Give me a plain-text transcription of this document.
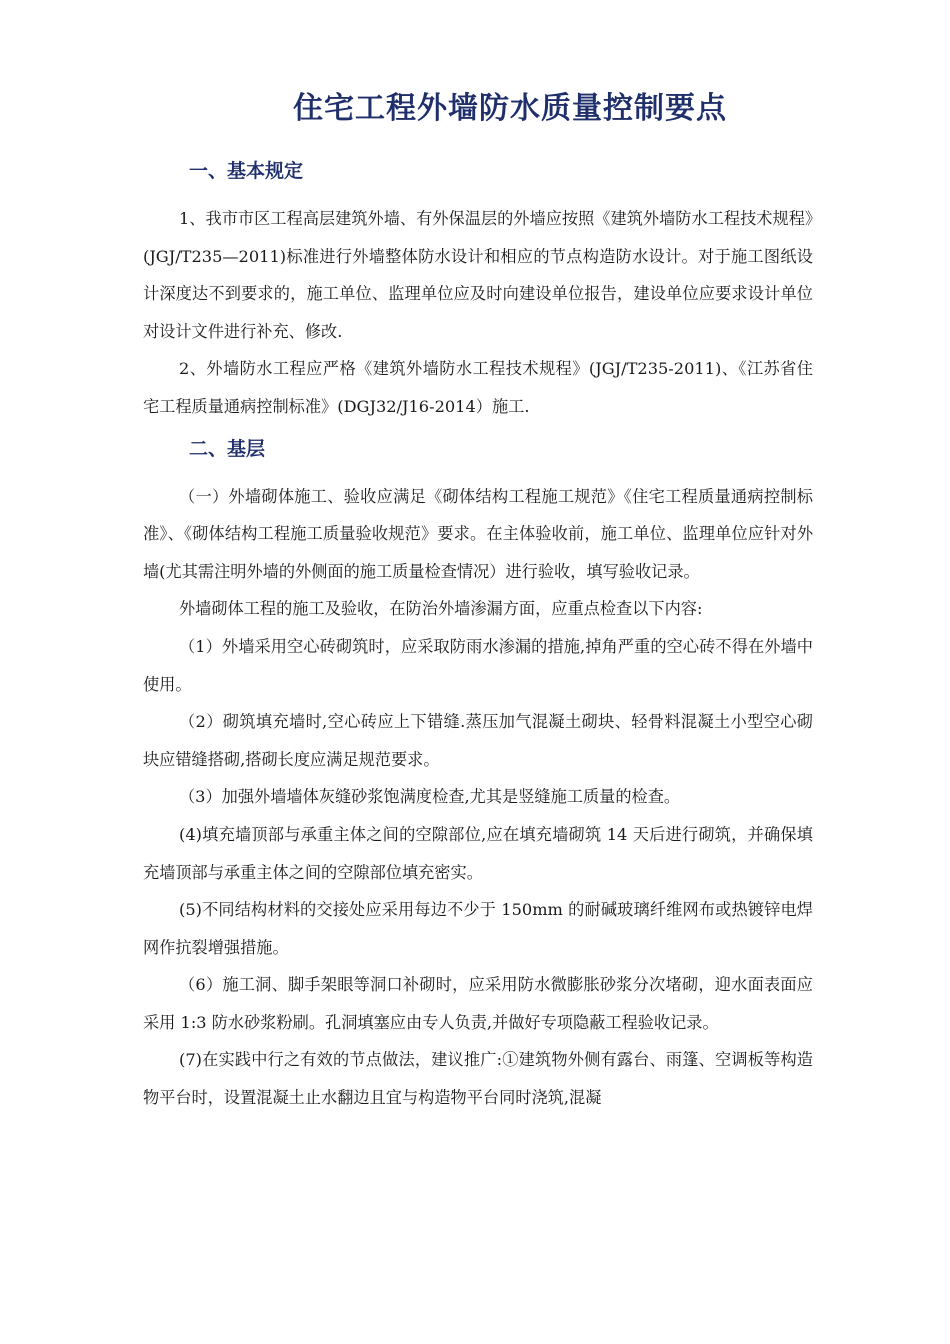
住宅工程外墙防水质量控制要点
一、基本规定

1、我市市区工程高层建筑外墙、有外保温层的外墙应按照《建筑外墙防水工程技术规程》(JGJ/T235—2011)标准进行外墙整体防水设计和相应的节点构造防水设计。对于施工图纸设计深度达不到要求的，施工单位、监理单位应及时向建设单位报告，建设单位应要求设计单位对设计文件进行补充、修改.

2、外墙防水工程应严格《建筑外墙防水工程技术规程》(JGJ/T235-2011)、《江苏省住宅工程质量通病控制标准》(DGJ32/J16-2014）施工.

二、基层

（一）外墙砌体施工、验收应满足《砌体结构工程施工规范》《住宅工程质量通病控制标准》、《砌体结构工程施工质量验收规范》要求。在主体验收前，施工单位、监理单位应针对外墙(尤其需注明外墙的外侧面的施工质量检查情况）进行验收，填写验收记录。

外墙砌体工程的施工及验收，在防治外墙渗漏方面，应重点检查以下内容:

（1）外墙采用空心砖砌筑时，应采取防雨水渗漏的措施,掉角严重的空心砖不得在外墙中使用。

（2）砌筑填充墙时,空心砖应上下错缝.蒸压加气混凝土砌块、轻骨料混凝土小型空心砌块应错缝搭砌,搭砌长度应满足规范要求。

（3）加强外墙墙体灰缝砂浆饱满度检查,尤其是竖缝施工质量的检查。

(4)填充墙顶部与承重主体之间的空隙部位,应在填充墙砌筑 14 天后进行砌筑，并确保填充墙顶部与承重主体之间的空隙部位填充密实。

(5)不同结构材料的交接处应采用每边不少于 150mm 的耐碱玻璃纤维网布或热镀锌电焊网作抗裂增强措施。

（6）施工洞、脚手架眼等洞口补砌时，应采用防水微膨胀砂浆分次堵砌，迎水面表面应采用 1:3 防水砂浆粉刷。孔洞填塞应由专人负责,并做好专项隐蔽工程验收记录。

(7)在实践中行之有效的节点做法，建议推广:①建筑物外侧有露台、雨篷、空调板等构造物平台时，设置混凝土止水翻边且宜与构造物平台同时浇筑,混凝
